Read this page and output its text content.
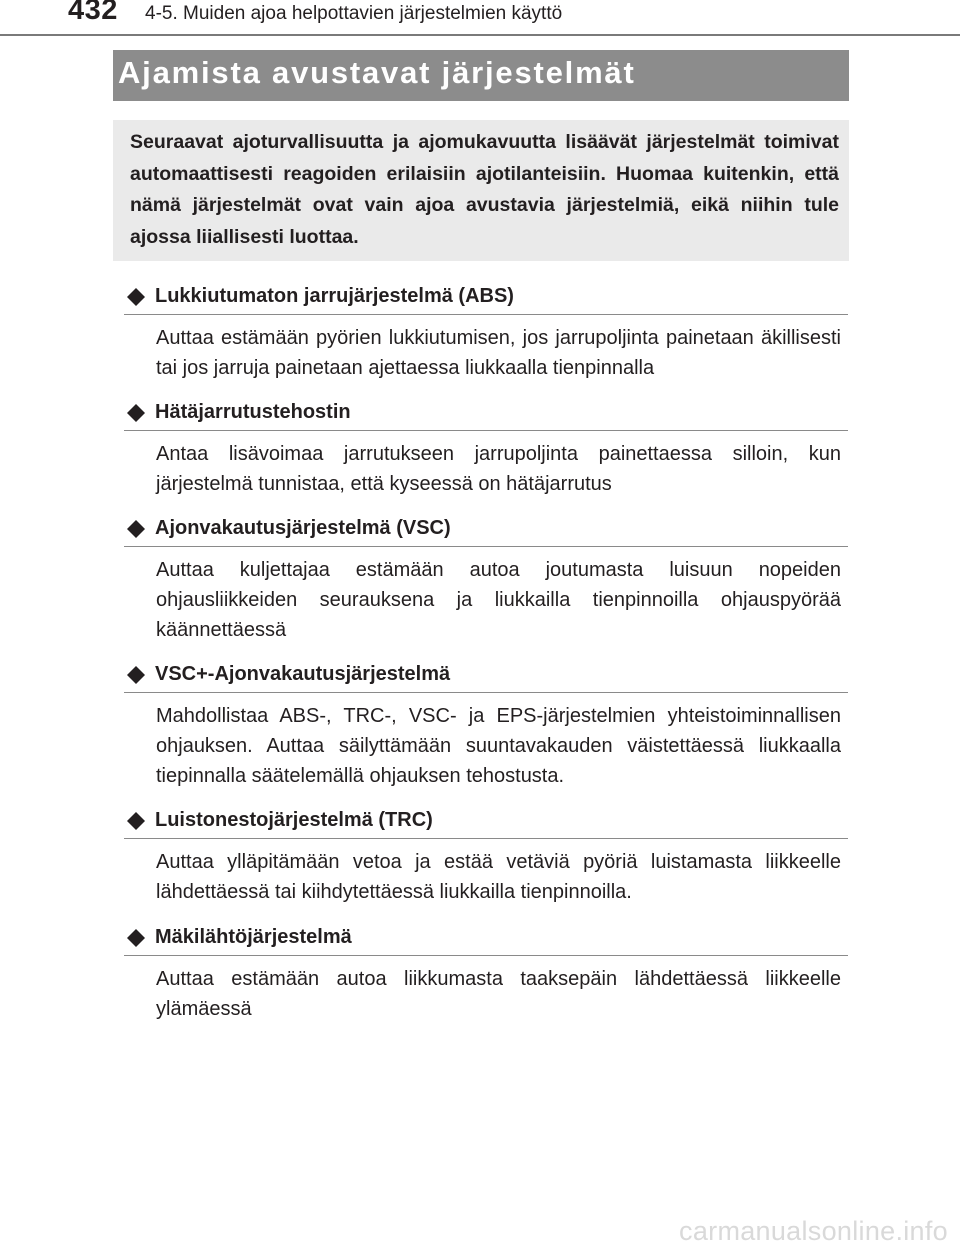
432 4-5. Muiden ajoa helpottavien järjestelmien käyttö
Ajamista avustavat järjestelmät
Seuraavat ajoturvallisuutta ja ajomukavuutta lisäävät järjestelmät toimivat automaattisesti reagoiden erilaisiin ajotilanteisiin. Huomaa kuitenkin, että nämä järjestelmät ovat vain ajoa avustavia järjestelmiä, eikä niihin tule ajossa liiallisesti luottaa.
Lukkiutumaton jarrujärjestelmä (ABS)
Auttaa estämään pyörien lukkiutumisen, jos jarrupoljinta painetaan äkillisesti tai jos jarruja painetaan ajettaessa liukkaalla tienpinnalla
Hätäjarrutustehostin
Antaa lisävoimaa jarrutukseen jarrupoljinta painettaessa silloin, kun järjestelmä tunnistaa, että kyseessä on hätäjarrutus
Ajonvakautusjärjestelmä (VSC)
Auttaa kuljettajaa estämään autoa joutumasta luisuun nopeiden ohjausliikkeiden seurauksena ja liukkailla tienpinnoilla ohjauspyörää käännettäessä
VSC+-Ajonvakautusjärjestelmä
Mahdollistaa ABS-, TRC-, VSC- ja EPS-järjestelmien yhteistoiminnallisen ohjauksen. Auttaa säilyttämään suuntavakauden väistettäessä liukkaalla tiepinnalla säätelemällä ohjauksen tehostusta.
Luistonestojärjestelmä (TRC)
Auttaa ylläpitämään vetoa ja estää vetäviä pyöriä luistamasta liikkeelle lähdettäessä tai kiihdytettäessä liukkailla tienpinnoilla.
Mäkilähtöjärjestelmä
Auttaa estämään autoa liikkumasta taaksepäin lähdettäessä liikkeelle ylämäessä
carmanualsonline.info
